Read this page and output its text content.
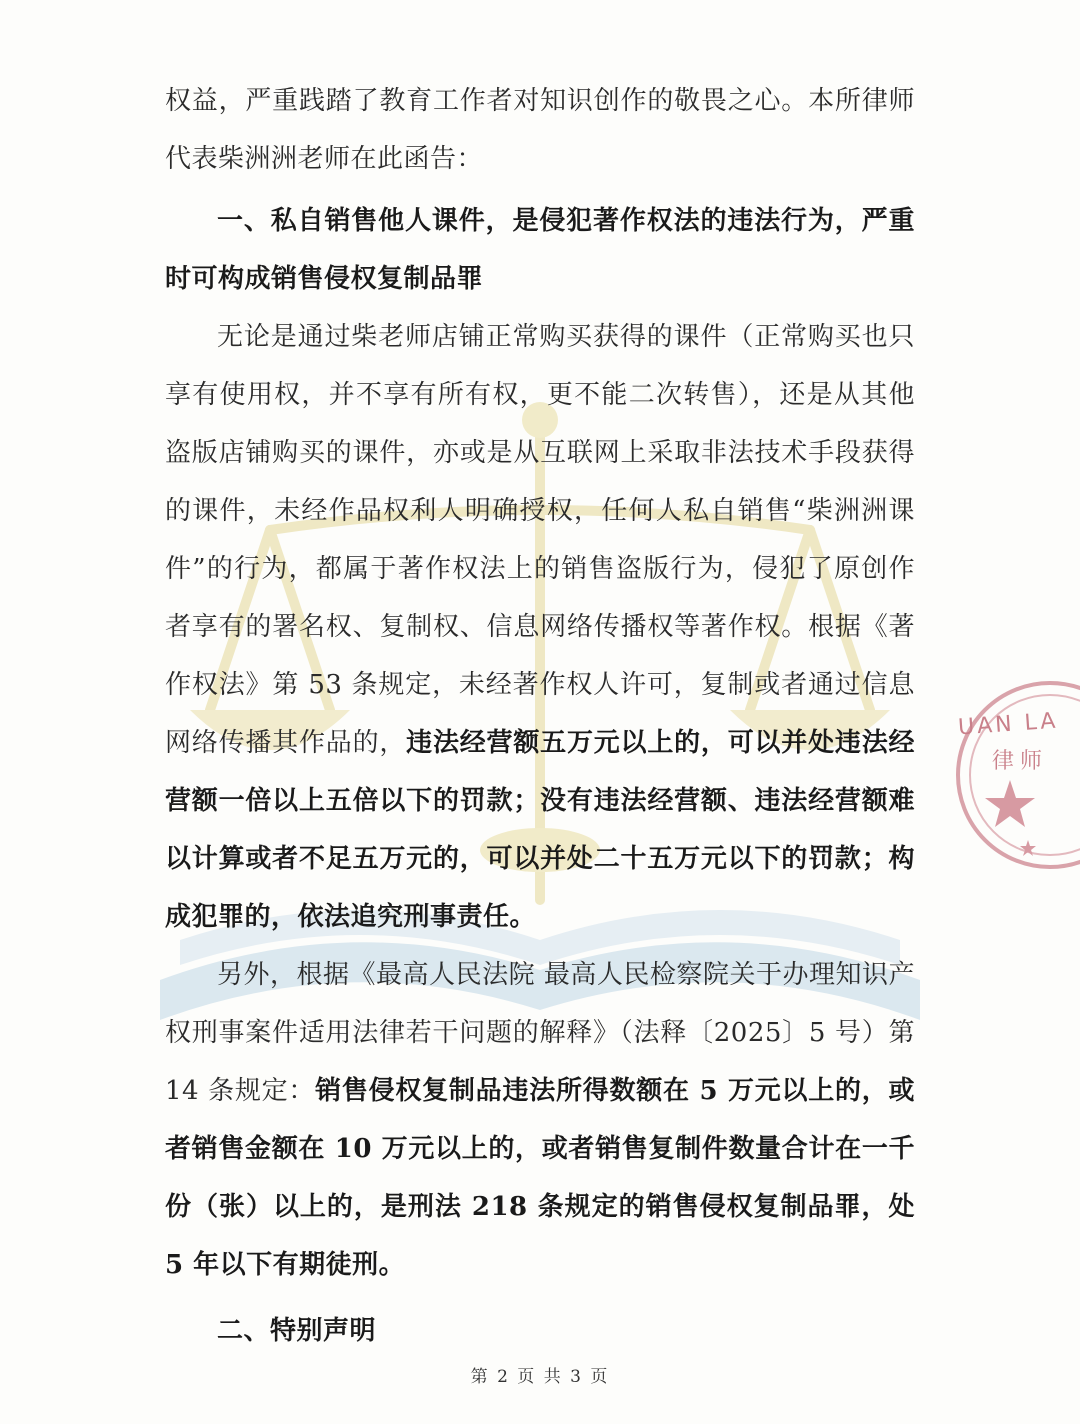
UAN LA
律师

权益，严重践踏了教育工作者对知识创作的敬畏之心。本所律师代表柴洲洲老师在此函告：

一、私自销售他人课件，是侵犯著作权法的违法行为，严重时可构成销售侵权复制品罪

无论是通过柴老师店铺正常购买获得的课件（正常购买也只享有使用权，并不享有所有权，更不能二次转售），还是从其他盗版店铺购买的课件，亦或是从互联网上采取非法技术手段获得的课件，未经作品权利人明确授权，任何人私自销售“柴洲洲课件”的行为，都属于著作权法上的销售盗版行为，侵犯了原创作者享有的署名权、复制权、信息网络传播权等著作权。根据《著作权法》第 53 条规定，未经著作权人许可，复制或者通过信息网络传播其作品的，违法经营额五万元以上的，可以并处违法经营额一倍以上五倍以下的罚款；没有违法经营额、违法经营额难以计算或者不足五万元的，可以并处二十五万元以下的罚款；构成犯罪的，依法追究刑事责任。

另外，根据《最高人民法院 最高人民检察院关于办理知识产权刑事案件适用法律若干问题的解释》（法释〔2025〕5 号）第 14 条规定：销售侵权复制品违法所得数额在 5 万元以上的，或者销售金额在 10 万元以上的，或者销售复制件数量合计在一千份（张）以上的，是刑法 218 条规定的销售侵权复制品罪，处 5 年以下有期徒刑。

二、特别声明

第 2 页 共 3 页
